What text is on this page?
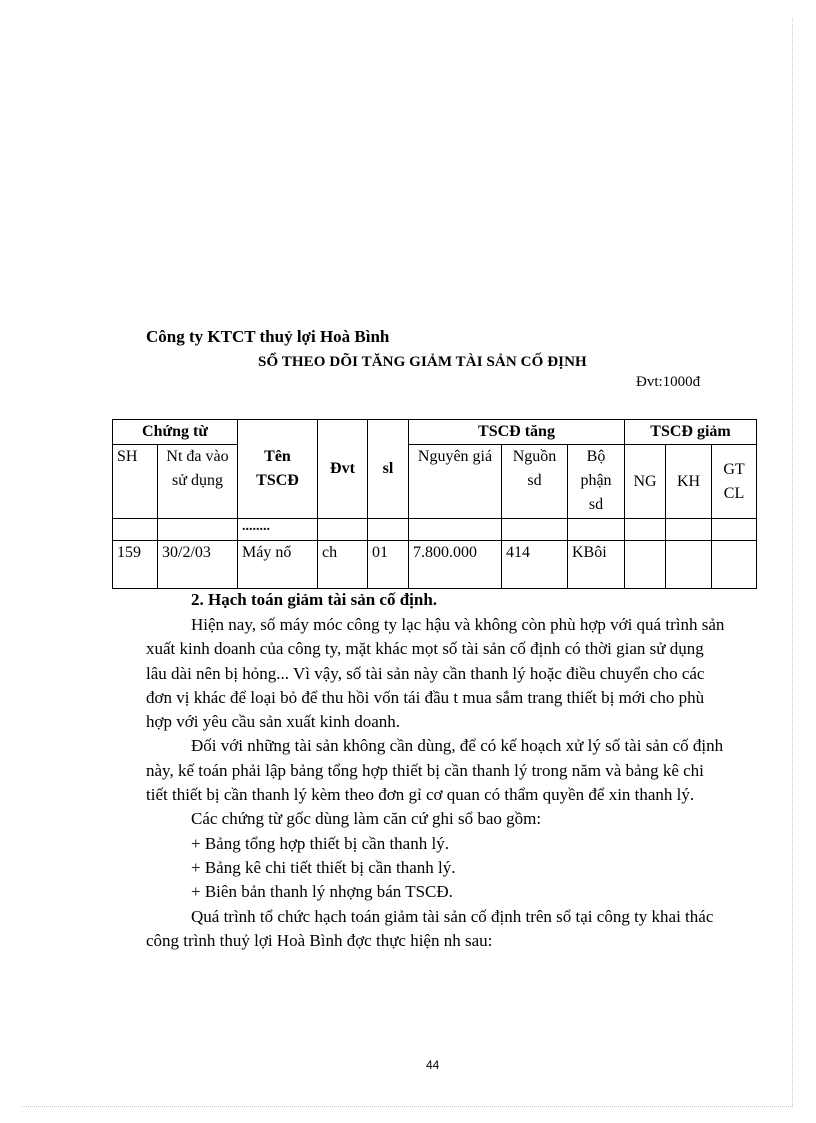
Công ty KTCT thuỷ lợi Hoà Bình
SỔ THEO DÕI TĂNG GIẢM TÀI SẢN CỐ ĐỊNH
Đvt:1000đ
Chứng từ		Tên TSCĐ	Đvt	sl	TSCĐ tăng			TSCĐ giảm		
SH	Nt đa vào sử dụng				Nguyên giá	Nguồn sd	Bộ phận sd	NG	KH	GT CL
		........								
159	30/2/03	Máy nổ	ch	01	7.800.000	414	KBôi			
2. Hạch toán giảm tài sản cố định.

Hiện nay, số máy móc công ty lạc hậu và không còn phù hợp với quá trình sản xuất kinh doanh của công ty, mặt khác mọt số tài sản cố định có thời gian sử dụng lâu dài nên bị hỏng... Vì vậy, số tài sản này cần thanh lý hoặc điều chuyển cho các đơn vị khác để loại bỏ để thu hồi vốn tái đầu t mua sắm trang thiết bị mới cho phù hợp với yêu cầu sản xuất kinh doanh.

Đối với những tài sản không cần dùng, để có kế hoạch xử lý số tài sản cố định này, kế toán phải lập bảng tổng hợp thiết bị cần thanh lý trong năm và bảng kê chi tiết thiết bị cần thanh lý kèm theo đơn gỉ cơ quan có thẩm quyền để xin thanh lý.

Các chứng từ gốc dùng làm căn cứ ghi sổ bao gồm:

+ Bảng tổng hợp thiết bị cần thanh lý.

+ Bảng kê chi tiết thiết bị cần thanh lý.

+ Biên bản thanh lý nhợng bán TSCĐ.

Quá trình tổ chức hạch toán giảm tài sản cố định trên sổ tại công ty khai thác công trình thuỷ lợi Hoà Bình đợc thực hiện nh sau:

44
